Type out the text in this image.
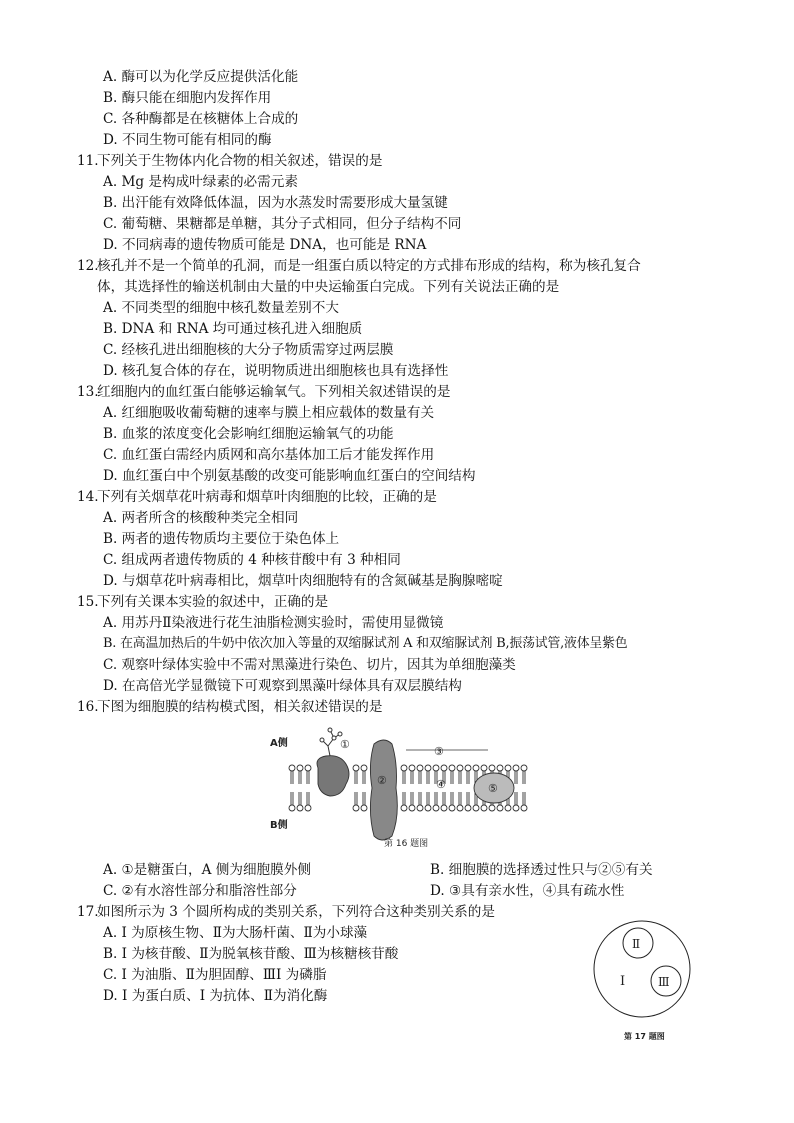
A. 酶可以为化学反应提供活化能
B. 酶只能在细胞内发挥作用
C. 各种酶都是在核糖体上合成的
D. 不同生物可能有相同的酶
11.下列关于生物体内化合物的相关叙述，错误的是
A. Mg 是构成叶绿素的必需元素
B. 出汗能有效降低体温，因为水蒸发时需要形成大量氢键
C. 葡萄糖、果糖都是单糖，其分子式相同，但分子结构不同
D. 不同病毒的遗传物质可能是 DNA，也可能是 RNA
12.核孔并不是一个简单的孔洞，而是一组蛋白质以特定的方式排布形成的结构，称为核孔复合
体，其选择性的输送机制由大量的中央运输蛋白完成。下列有关说法正确的是
A. 不同类型的细胞中核孔数量差别不大
B. DNA 和 RNA 均可通过核孔进入细胞质
C. 经核孔进出细胞核的大分子物质需穿过两层膜
D. 核孔复合体的存在，说明物质进出细胞核也具有选择性
13.红细胞内的血红蛋白能够运输氧气。下列相关叙述错误的是
A. 红细胞吸收葡萄糖的速率与膜上相应载体的数量有关
B. 血浆的浓度变化会影响红细胞运输氧气的功能
C. 血红蛋白需经内质网和高尔基体加工后才能发挥作用
D. 血红蛋白中个别氨基酸的改变可能影响血红蛋白的空间结构
14.下列有关烟草花叶病毒和烟草叶肉细胞的比较，正确的是
A. 两者所含的核酸种类完全相同
B. 两者的遗传物质均主要位于染色体上
C. 组成两者遗传物质的 4 种核苷酸中有 3 种相同
D. 与烟草花叶病毒相比，烟草叶肉细胞特有的含氮碱基是胸腺嘧啶
15.下列有关课本实验的叙述中，正确的是
A. 用苏丹Ⅱ染液进行花生油脂检测实验时，需使用显微镜
B. 在高温加热后的牛奶中依次加入等量的双缩脲试剂 A 和双缩脲试剂 B,振荡试管,液体呈紫色
C. 观察叶绿体实验中不需对黑藻进行染色、切片，因其为单细胞藻类
D. 在高倍光学显微镜下可观察到黑藻叶绿体具有双层膜结构
16.下图为细胞膜的结构模式图，相关叙述错误的是
A侧
B侧
①
②
③
④	⑤
第 16 题图
A. ①是糖蛋白，A 侧为细胞膜外侧	B. 细胞膜的选择透过性只与②⑤有关
C. ②有水溶性部分和脂溶性部分	D. ③具有亲水性，④具有疏水性
17.如图所示为 3 个圆所构成的类别关系，下列符合这种类别关系的是
A. I 为原核生物、Ⅱ为大肠杆菌、Ⅱ为小球藻
B. I 为核苷酸、Ⅱ为脱氧核苷酸、Ⅲ为核糖核苷酸
C. I 为油脂、Ⅱ为胆固醇、ⅢI 为磷脂
D. I 为蛋白质、I 为抗体、Ⅱ为消化酶
I
Ⅱ
Ⅲ
第 17 题图
